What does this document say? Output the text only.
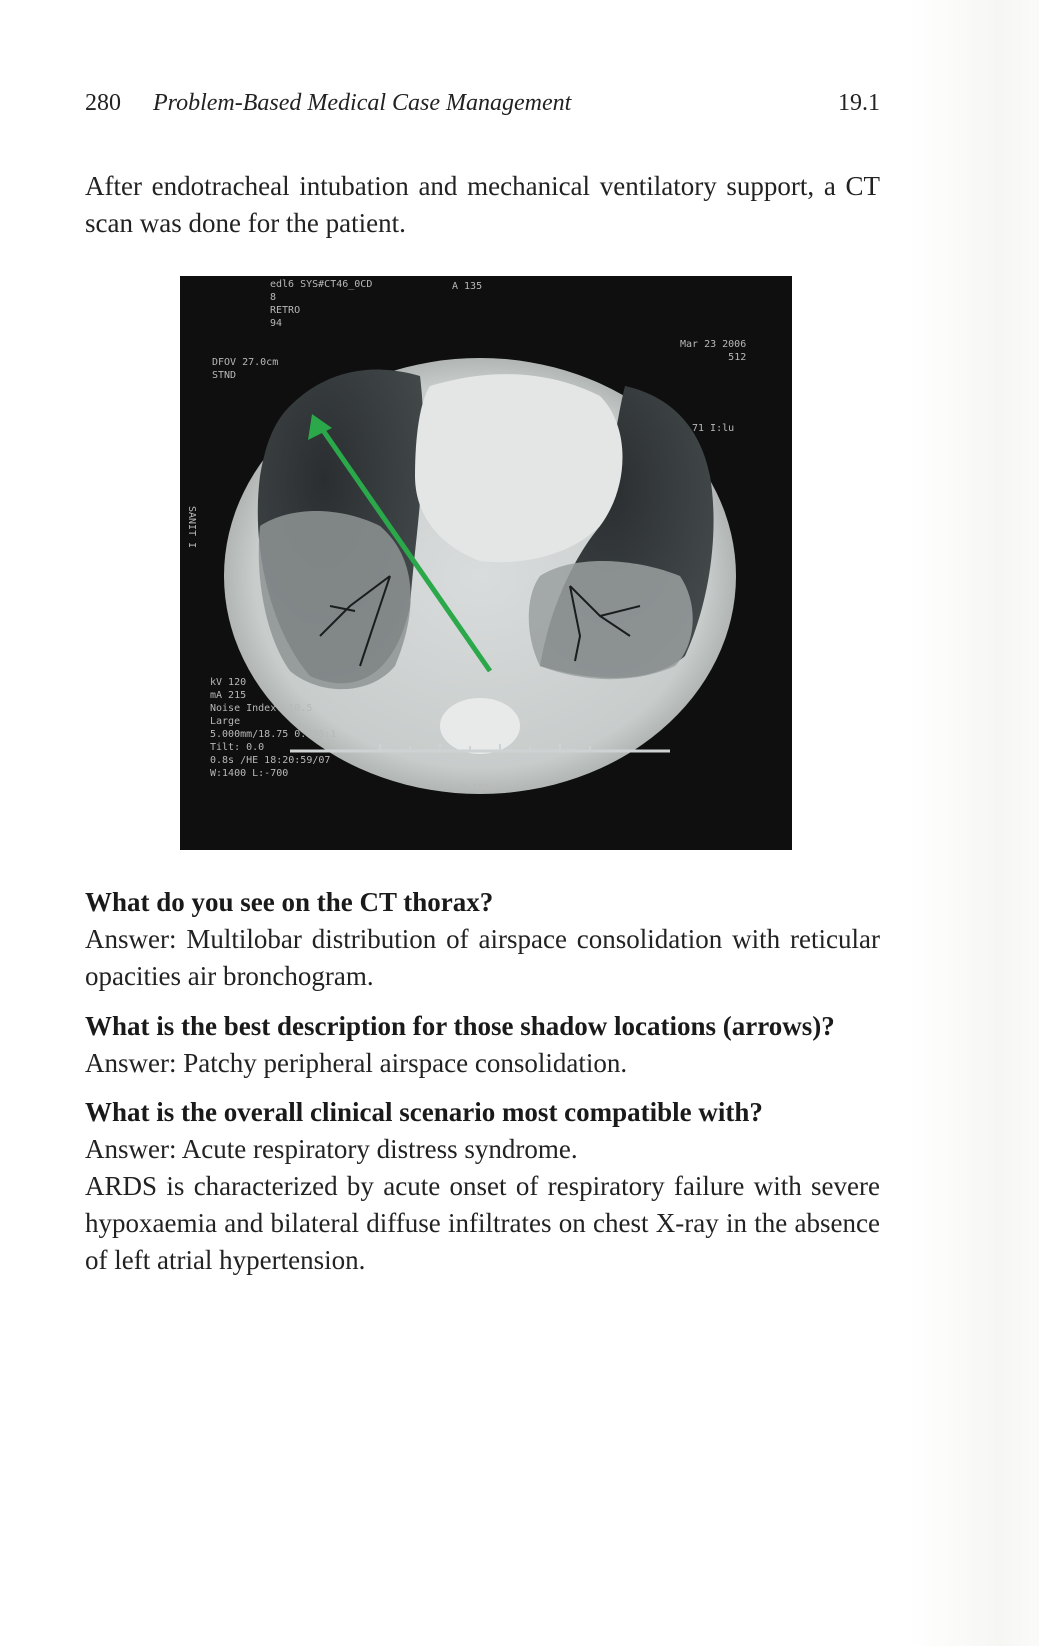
280 Problem-Based Medical Case Management	19.1
After endotracheal intubation and mechanical ventilatory support, a CT scan was done for the patient.
edl6 SYS#CT46_0CD
8
RETRO
94
A 135
Mar 23 2006
512
DFOV 27.0cm
STND
71 I:lu
kV 120
mA 215
Noise Index: 10.5
Large
5.000mm/18.75 0.938:1
Tilt: 0.0
0.8s /HE 18:20:59/07
W:1400 L:-700
P 135
SANIT I
What do you see on the CT thorax?
Answer: Multilobar distribution of airspace consolidation with reticular opacities air bronchogram.
What is the best description for those shadow locations (arrows)?
Answer: Patchy peripheral airspace consolidation.
What is the overall clinical scenario most compatible with?
Answer: Acute respiratory distress syndrome.
ARDS is characterized by acute onset of respiratory failure with severe hypoxaemia and bilateral diffuse infiltrates on chest X-ray in the absence of left atrial hypertension.
